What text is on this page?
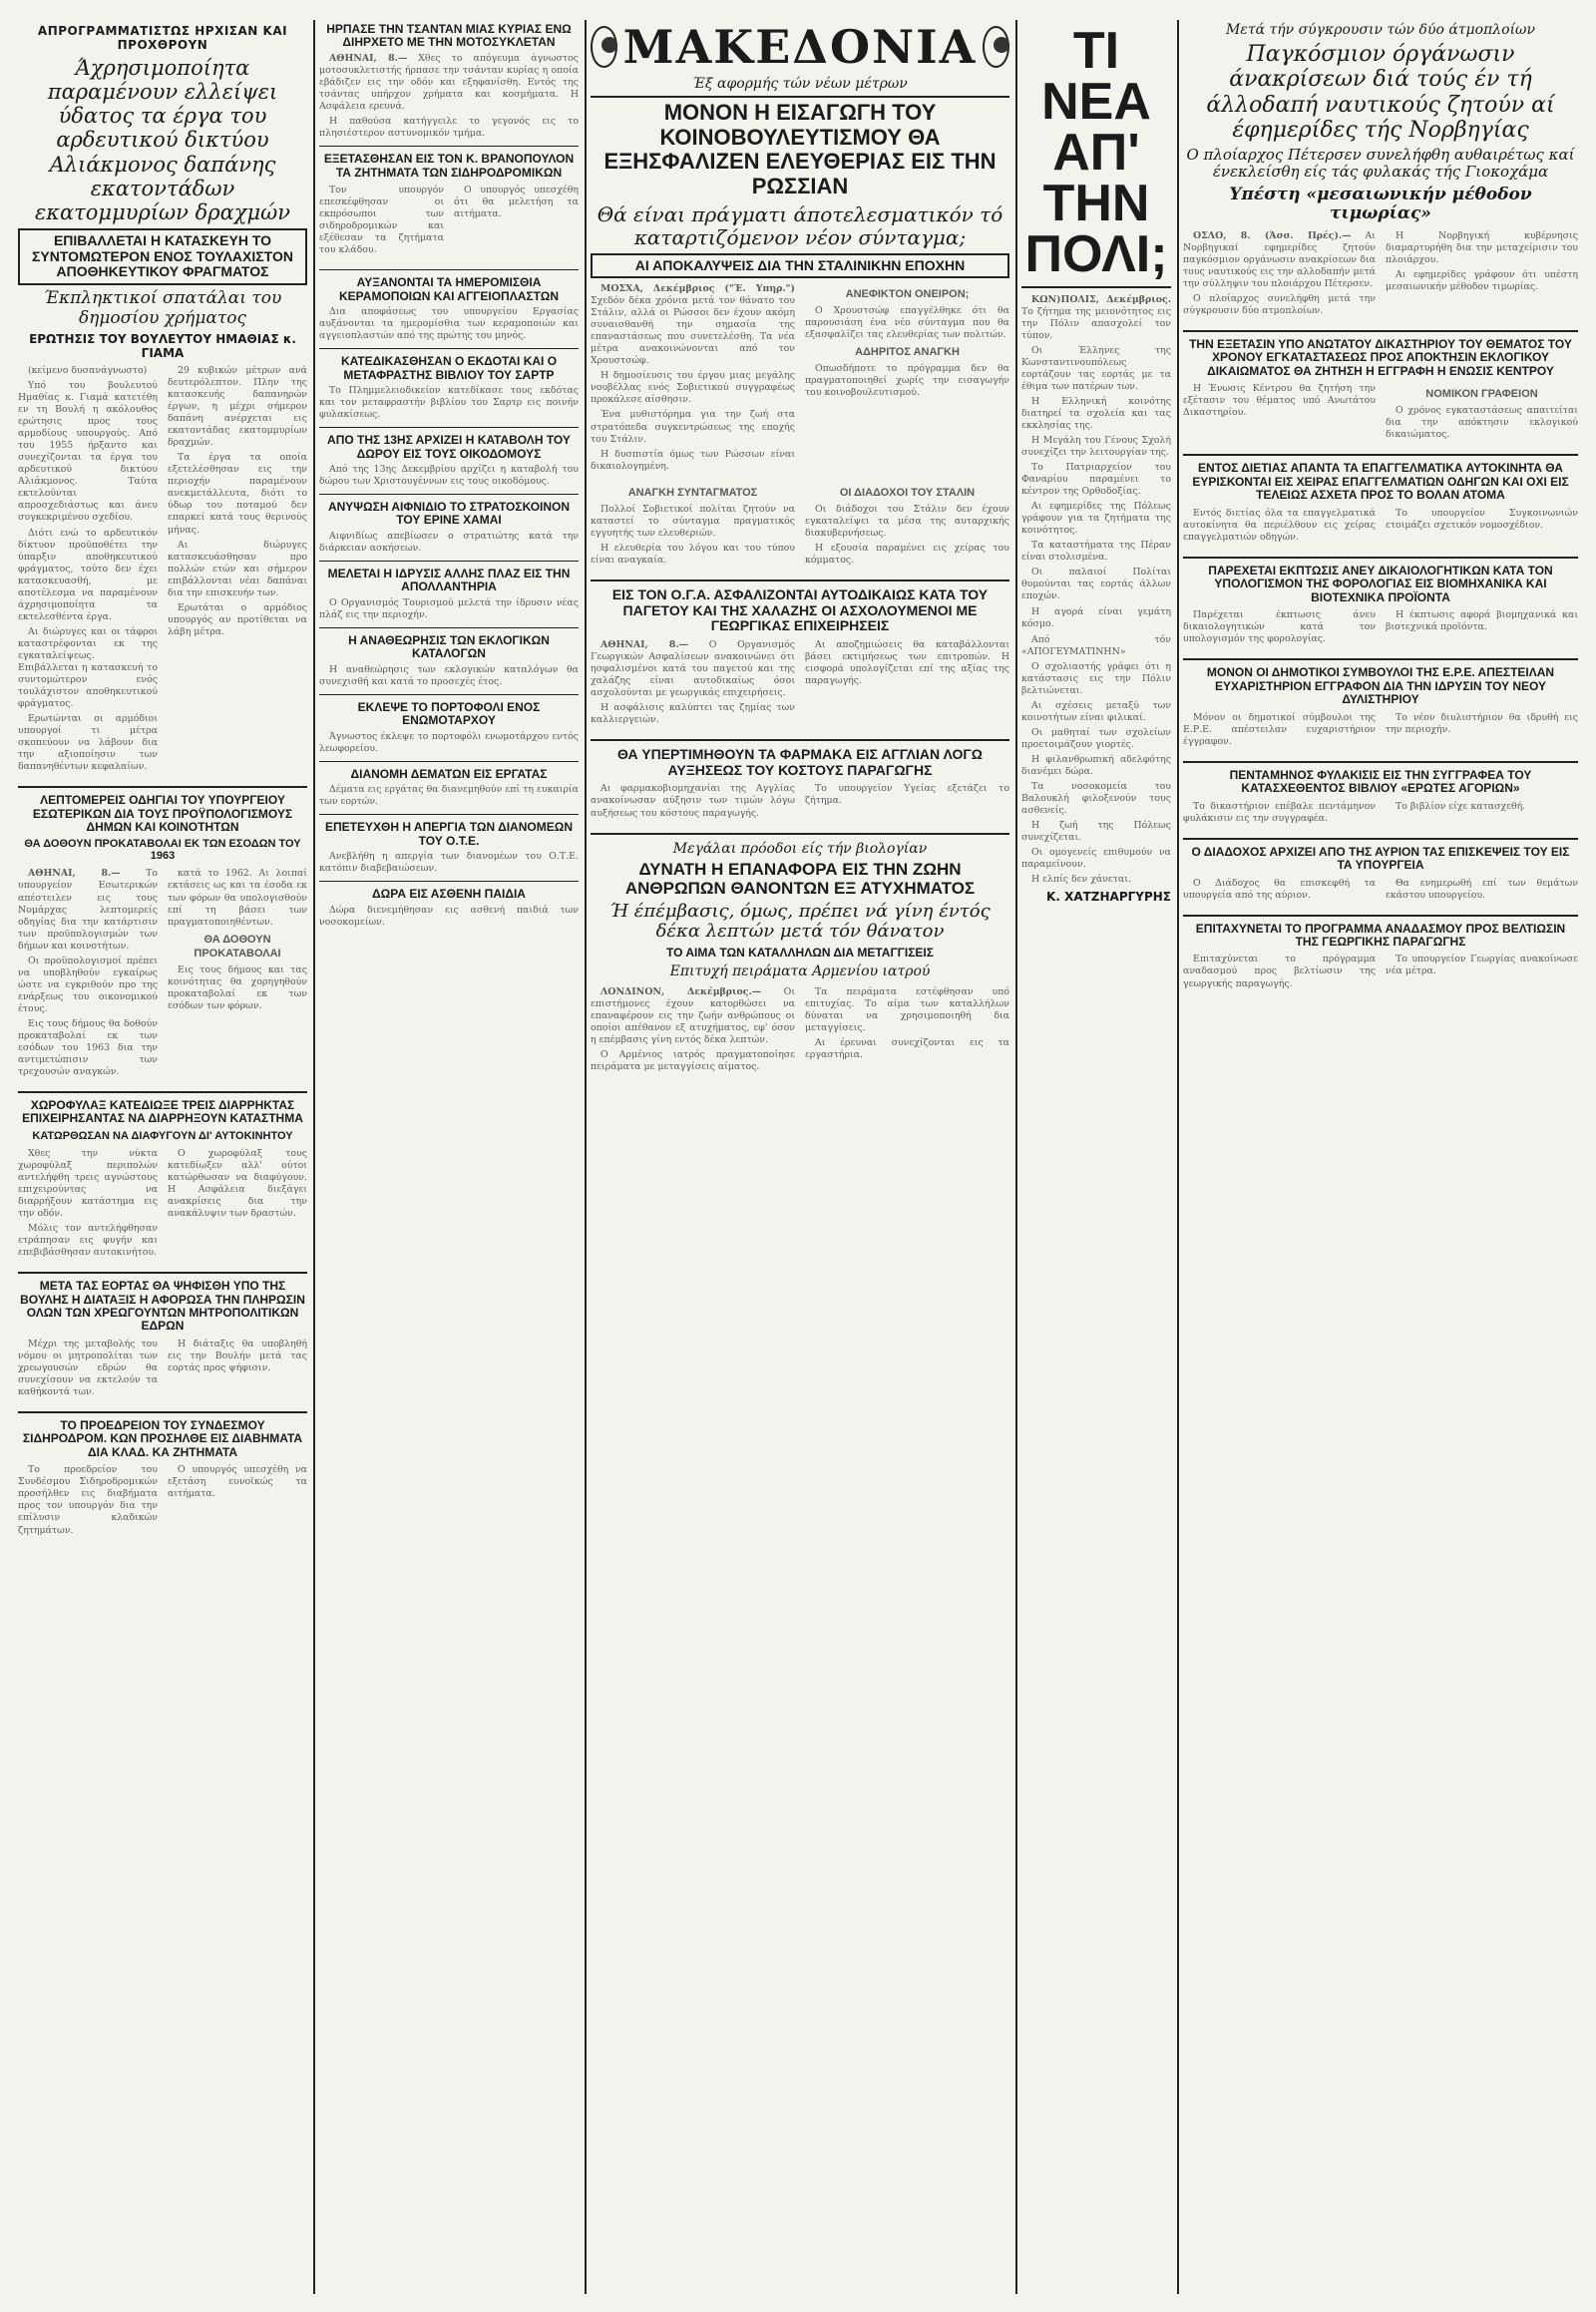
ΑΠΡΟΓΡΑΜΜΑΤΙΣΤΩΣ ΗΡΧΙΣΑΝ ΚΑΙ ΠΡΟΧΘΡΟΥΝ
Άχρησιμοποίητα παραμένουν ελλείψει ύδατος τα έργα του αρδευτικού δικτύου Αλιάκμονος δαπάνης εκατοντάδων εκατομμυρίων δραχμών
ΕΠΙΒΑΛΛΕΤΑΙ Η ΚΑΤΑΣΚΕΥΗ ΤΟ ΣΥΝΤΟΜΩΤΕΡΟΝ ΕΝΟΣ ΤΟΥΛΑΧΙΣΤΟΝ ΑΠΟΘΗΚΕΥΤΙΚΟΥ ΦΡΑΓΜΑΤΟΣ
Έκπληκτικοί σπατάλαι του δημοσίου χρήματος
ΕΡΩΤΗΣΙΣ ΤΟΥ ΒΟΥΛΕΥΤΟΥ ΗΜΑΘΙΑΣ κ. ΓΙΑΜΑ

(κείμενο δυσανάγνωστο)

Υπό του βουλευτού Ημαθίας κ. Γιαμά κατετέθη εν τη Βουλή η ακόλουθος ερώτησις προς τους αρμοδίους υπουργούς. Από του 1955 ήρξαντο και συνεχίζονται τα έργα του αρδευτικού δικτύου Αλιάκμονος. Ταύτα εκτελούνται απροσχεδιάστως και άνευ συγκεκριμένου σχεδίου.

Διότι ενώ το αρδευτικόν δίκτυον προϋποθέτει την ύπαρξιν αποθηκευτικού φράγματος, τούτο δεν έχει κατασκευασθή, με αποτέλεσμα να παραμένουν άχρησιμοποίητα τα εκτελεσθέντα έργα.

Αι διώρυγες και οι τάφροι καταστρέφονται εκ της εγκαταλείψεως. Επιβάλλεται η κατασκευή το συντομώτερον ενός τουλάχιστον αποθηκευτικού φράγματος.

Ερωτώνται οι αρμόδιοι υπουργοί τι μέτρα σκοπεύουν να λάβουν δια την αξιοποίησιν των δαπανηθέντων κεφαλαίων.

29 κυβικών μέτρων ανά δευτερόλεπτον. Πλην της κατασκευής δαπανηρών έργων, η μέχρι σήμερον δαπάνη ανέρχεται εις εκατοντάδας εκατομμυρίων δραχμών.

Τα έργα τα οποία εξετελέσθησαν εις την περιοχήν παραμένουν ανεκμετάλλευτα, διότι το ύδωρ του ποταμού δεν επαρκεί κατά τους θερινούς μήνας.

Αι διώρυγες κατασκευάσθησαν προ πολλών ετών και σήμερον επιβάλλονται νέαι δαπάναι δια την επισκευήν των.

Ερωτάται ο αρμόδιος υπουργός αν προτίθεται να λάβη μέτρα.

ΛΕΠΤΟΜΕΡΕΙΣ ΟΔΗΓΙΑΙ ΤΟΥ ΥΠΟΥΡΓΕΙΟΥ ΕΣΩΤΕΡΙΚΩΝ ΔΙΑ ΤΟΥΣ ΠΡΟΫΠΟΛΟΓΙΣΜΟΥΣ ΔΗΜΩΝ ΚΑΙ ΚΟΙΝΟΤΗΤΩΝ
ΘΑ ΔΟΘΟΥΝ ΠΡΟΚΑΤΑΒΟΛΑΙ ΕΚ ΤΩΝ ΕΣΟΔΩΝ ΤΟΥ 1963

ΑΘΗΝΑΙ, 8.— Το υπουργείον Εσωτερικών απέστειλεν εις τους Νομάρχας λεπτομερείς οδηγίας δια την κατάρτισιν των προϋπολογισμών των δήμων και κοινοτήτων.

Οι προϋπολογισμοί πρέπει να υποβληθούν εγκαίρως ώστε να εγκριθούν προ της ενάρξεως του οικονομικού έτους.

Εις τους δήμους θα δοθούν προκαταβολαί εκ των εσόδων του 1963 δια την αντιμετώπισιν των τρεχουσών αναγκών.

κατά το 1962. Αι λοιπαί εκτάσεις ως και τα έσοδα εκ των φόρων θα υπολογισθούν επί τη βάσει των πραγματοποιηθέντων.

ΘΑ ΔΟΘΟΥΝ ΠΡΟΚΑΤΑΒΟΛΑΙ

Εις τους δήμους και τας κοινότητας θα χορηγηθούν προκαταβολαί εκ των εσόδων των φόρων.

ΧΩΡΟΦΥΛΑΞ ΚΑΤΕΔΙΩΞΕ ΤΡΕΙΣ ΔΙΑΡΡΗΚΤΑΣ ΕΠΙΧΕΙΡΗΣΑΝΤΑΣ ΝΑ ΔΙΑΡΡΗΞΟΥΝ ΚΑΤΑΣΤΗΜΑ
ΚΑΤΩΡΘΩΣΑΝ ΝΑ ΔΙΑΦΥΓΟΥΝ ΔΙ' ΑΥΤΟΚΙΝΗΤΟΥ

Χθες την νύκτα χωροφύλαξ περιπολών αντελήφθη τρεις αγνώστους επιχειρούντας να διαρρήξουν κατάστημα εις την οδόν.

Μόλις τον αντελήφθησαν ετράπησαν εις φυγήν και επεβιβάσθησαν αυτοκινήτου.

Ο χωροφύλαξ τους κατεδίωξεν αλλ' ούτοι κατώρθωσαν να διαφύγουν. Η Ασφάλεια διεξάγει ανακρίσεις δια την ανακάλυψιν των δραστών.

ΜΕΤΑ ΤΑΣ ΕΟΡΤΑΣ ΘΑ ΨΗΦΙΣΘΗ ΥΠΟ ΤΗΣ ΒΟΥΛΗΣ Η ΔΙΑΤΑΞΙΣ Η ΑΦΟΡΩΣΑ ΤΗΝ ΠΛΗΡΩΣΙΝ ΟΛΩΝ ΤΩΝ ΧΡΕΩΓΟΥΝΤΩΝ ΜΗΤΡΟΠΟΛΙΤΙΚΩΝ ΕΔΡΩΝ

Μέχρι της μεταβολής του νόμου οι μητροπολίται των χρεωγουσών εδρών θα συνεχίσουν να εκτελούν τα καθήκοντά των.

Η διάταξις θα υποβληθή εις την Βουλήν μετά τας εορτάς προς ψήφισιν.

ΤΟ ΠΡΟΕΔΡΕΙΟΝ ΤΟΥ ΣΥΝΔΕΣΜΟΥ ΣΙΔΗΡΟΔΡΟΜ. ΚΩΝ ΠΡΟΣΗΛΘΕ ΕΙΣ ΔΙΑΒΗΜΑΤΑ ΔΙΑ ΚΛΑΔ. ΚΑ ΖΗΤΗΜΑΤΑ

Το προεδρείον του Συνδέσμου Σιδηροδρομικών προσήλθεν εις διαβήματα προς τον υπουργόν δια την επίλυσιν κλαδικών ζητημάτων.

Ο υπουργός υπεσχέθη να εξετάση ευνοϊκώς τα αιτήματα.

ΗΡΠΑΣΕ ΤΗΝ ΤΣΑΝΤΑΝ ΜΙΑΣ ΚΥΡΙΑΣ ΕΝΩ ΔΙΗΡΧΕΤΟ ΜΕ ΤΗΝ ΜΟΤΟΣΥΚΛΕΤΑΝ

ΑΘΗΝΑΙ, 8.— Χθες το απόγευμα άγνωστος μοτοσυκλετιστής ήρπασε την τσάνταν κυρίας η οποία εβάδιζεν εις την οδόν και εξηφανίσθη. Εντός της τσάντας υπήρχον χρήματα και κοσμήματα. Η Ασφάλεια ερευνά.

Η παθούσα κατήγγειλε το γεγονός εις το πλησιέστερον αστυνομικόν τμήμα.

ΕΞΕΤΑΣΘΗΣΑΝ ΕΙΣ ΤΟΝ Κ. ΒΡΑΝΟΠΟΥΛΟΝ ΤΑ ΖΗΤΗΜΑΤΑ ΤΩΝ ΣΙΔΗΡΟΔΡΟΜΙΚΩΝ

Τον υπουργόν επεσκέφθησαν οι εκπρόσωποι των σιδηροδρομικών και εξέθεσαν τα ζητήματα του κλάδου.

Ο υπουργός υπεσχέθη ότι θα μελετήση τα αιτήματα.

ΑΥΞΑΝΟΝΤΑΙ ΤΑ ΗΜΕΡΟΜΙΣΘΙΑ ΚΕΡΑΜΟΠΟΙΩΝ ΚΑΙ ΑΓΓΕΙΟΠΛΑΣΤΩΝ

Δια αποφάσεως του υπουργείου Εργασίας αυξάνονται τα ημερομίσθια των κεραμοποιών και αγγειοπλαστών από της πρώτης του μηνός.

ΚΑΤΕΔΙΚΑΣΘΗΣΑΝ Ο ΕΚΔΟΤΑΙ ΚΑΙ Ο ΜΕΤΑΦΡΑΣΤΗΣ ΒΙΒΛΙΟΥ ΤΟΥ ΣΑΡΤΡ

Το Πλημμελειοδικείον κατεδίκασε τους εκδότας και τον μεταφραστήν βιβλίου του Σαρτρ εις ποινήν φυλακίσεως.

ΑΠΟ ΤΗΣ 13ΗΣ ΑΡΧΙΖΕΙ Η ΚΑΤΑΒΟΛΗ ΤΟΥ ΔΩΡΟΥ ΕΙΣ ΤΟΥΣ ΟΙΚΟΔΟΜΟΥΣ

Από της 13ης Δεκεμβρίου αρχίζει η καταβολή του δώρου των Χριστουγέννων εις τους οικοδόμους.

ΑΝΥΨΩΣΗ ΑΙΦΝΙΔΙΟ ΤΟ ΣΤΡΑΤΟΣΚΟΙΝΟΝ ΤΟΥ ΕΡΙΝΕ ΧΑΜΑΙ

Αιφνιδίως απεβίωσεν ο στρατιώτης κατά την διάρκειαν ασκήσεων.

ΜΕΛΕΤΑΙ Η ΙΔΡΥΣΙΣ ΑΛΛΗΣ ΠΛΑΖ ΕΙΣ ΤΗΝ ΑΠΟΛΛΑΝΤΗΡΙΑ

Ο Οργανισμός Τουρισμού μελετά την ίδρυσιν νέας πλάζ εις την περιοχήν.

Η ΑΝΑΘΕΩΡΗΣΙΣ ΤΩΝ ΕΚΛΟΓΙΚΩΝ ΚΑΤΑΛΟΓΩΝ

Η αναθεώρησις των εκλογικών καταλόγων θα συνεχισθή και κατά το προσεχές έτος.

ΕΚΛΕΨΕ ΤΟ ΠΟΡΤΟΦΟΛΙ ΕΝΟΣ ΕΝΩΜΟΤΑΡΧΟΥ

Άγνωστος έκλεψε το πορτοφόλι ενωμοτάρχου εντός λεωφορείου.

ΔΙΑΝΟΜΗ ΔΕΜΑΤΩΝ ΕΙΣ ΕΡΓΑΤΑΣ

Δέματα εις εργάτας θα διανεμηθούν επί τη ευκαιρία των εορτών.

ΕΠΕΤΕΥΧΘΗ Η ΑΠΕΡΓΙΑ ΤΩΝ ΔΙΑΝΟΜΕΩΝ ΤΟΥ Ο.Τ.Ε.

Ανεβλήθη η απεργία των διανομέων του Ο.Τ.Ε. κατόπιν διαβεβαιώσεων.

ΔΩΡΑ ΕΙΣ ΑΣΘΕΝΗ ΠΑΙΔΙΑ

Δώρα διενεμήθησαν εις ασθενή παιδιά των νοσοκομείων.

ΜΑΚΕΔΟΝΙΑ
Έξ αφορμής τών νέων μέτρων
ΜΟΝΟΝ Η ΕΙΣΑΓΩΓΗ ΤΟΥ ΚΟΙΝΟΒΟΥΛΕΥΤΙΣΜΟΥ ΘΑ ΕΞΗΣΦΑΛΙΖΕΝ ΕΛΕΥΘΕΡΙΑΣ ΕΙΣ ΤΗΝ ΡΩΣΣΙΑΝ
Θά είναι πράγματι άποτελεσματικόν τό καταρτιζόμενον νέον σύνταγμα;
ΑΙ ΑΠΟΚΑΛΥΨΕΙΣ ΔΙΑ ΤΗΝ ΣΤΑΛΙΝΙΚΗΝ ΕΠΟΧΗΝ

ΜΟΣΧΑ, Δεκέμβριος ("Έ. Υπηρ.") Σχεδόν δέκα χρόνια μετά τον θάνατο του Στάλιν, αλλά οι Ρώσσοι δεν έχουν ακόμη συναισθανθή την σημασία της επαναστάσεως που συνετελέσθη. Τα νέα μέτρα ανακοινώνονται από τον Χρουστσώφ.

Η δημοσίευσις του έργου μιας μεγάλης νουβέλλας ενός Σοβιετικού συγγραφέως προκάλεσε αίσθησιν.

Ένα μυθιστόρημα για την ζωή στα στρατόπεδα συγκεντρώσεως της εποχής του Στάλιν.

Η δυσπιστία όμως των Ρώσσων είναι δικαιολογημένη.

ΑΝΕΦΙΚΤΟΝ ΟΝΕΙΡΟΝ;

Ο Χρουστσώφ επαγγέλθηκε ότι θα παρουσιάση ένα νέο σύνταγμα που θα εξασφαλίζει τας ελευθερίας των πολιτών.

ΑΔΗΡΙΤΟΣ ΑΝΑΓΚΗ

Οπωσδήποτε το πρόγραμμα δεν θα πραγματοποιηθεί χωρίς την εισαγωγήν του κοινοβουλευτισμού.

ΑΝΑΓΚΗ ΣΥΝΤΑΓΜΑΤΟΣ

Πολλοί Σοβιετικοί πολίται ζητούν να καταστεί το σύνταγμα πραγματικός εγγυητής των ελευθεριών.

Η ελευθερία του λόγου και του τύπου είναι αναγκαία.

ΟΙ ΔΙΑΔΟΧΟΙ ΤΟΥ ΣΤΑΛΙΝ

Οι διάδοχοι του Στάλιν δεν έχουν εγκαταλείψει τα μέσα της αυταρχικής διακυβερνήσεως.

Η εξουσία παραμένει εις χείρας του κόμματος.

ΕΙΣ ΤΟΝ Ο.Γ.Α. ΑΣΦΑΛΙΖΟΝΤΑΙ ΑΥΤΟΔΙΚΑΙΩΣ ΚΑΤΑ ΤΟΥ ΠΑΓΕΤΟΥ ΚΑΙ ΤΗΣ ΧΑΛΑΖΗΣ ΟΙ ΑΣΧΟΛΟΥΜΕΝΟΙ ΜΕ ΓΕΩΡΓΙΚΑΣ ΕΠΙΧΕΙΡΗΣΕΙΣ

ΑΘΗΝΑΙ, 8.— Ο Οργανισμός Γεωργικών Ασφαλίσεων ανακοινώνει ότι ησφαλισμένοι κατά του παγετού και της χαλάζης είναι αυτοδικαίως όσοι ασχολούνται με γεωργικάς επιχειρήσεις.

Η ασφάλισις καλύπτει τας ζημίας των καλλιεργειών.

Αι αποζημιώσεις θα καταβάλλονται βάσει εκτιμήσεως των επιτροπών. Η εισφορά υπολογίζεται επί της αξίας της παραγωγής.

ΘΑ ΥΠΕΡΤΙΜΗΘΟΥΝ ΤΑ ΦΑΡΜΑΚΑ ΕΙΣ ΑΓΓΛΙΑΝ ΛΟΓΩ ΑΥΞΗΣΕΩΣ ΤΟΥ ΚΟΣΤΟΥΣ ΠΑΡΑΓΩΓΗΣ

Αι φαρμακοβιομηχανίαι της Αγγλίας ανακοίνωσαν αύξησιν των τιμών λόγω αυξήσεως του κόστους παραγωγής.

Το υπουργείον Υγείας εξετάζει το ζήτημα.

Μεγάλαι πρόοδοι είς τήν βιολογίαν
ΔΥΝΑΤΗ Η ΕΠΑΝΑΦΟΡΑ ΕΙΣ ΤΗΝ ΖΩΗΝ ΑΝΘΡΩΠΩΝ ΘΑΝΟΝΤΩΝ ΕΞ ΑΤΥΧΗΜΑΤΟΣ
Ή έπέμβασις, όμως, πρέπει νά γίνη έντός δέκα λεπτών μετά τόν θάνατον
ΤΟ ΑΙΜΑ ΤΩΝ ΚΑΤΑΛΛΗΛΩΝ ΔΙΑ ΜΕΤΑΓΓΙΣΕΙΣ
Επιτυχή πειράματα Αρμενίου ιατρού

ΛΟΝΔΙΝΟΝ, Δεκέμβριος.— Οι επιστήμονες έχουν κατορθώσει να επαναφέρουν εις την ζωήν ανθρώπους οι οποίοι απέθανον εξ ατυχήματος, εφ' όσον η επέμβασις γίνη εντός δέκα λεπτών.

Ο Αρμένιος ιατρός πραγματοποίησε πειράματα με μεταγγίσεις αίματος.

Τα πειράματα εστέφθησαν υπό επιτυχίας. Το αίμα των καταλλήλων δύναται να χρησιμοποιηθή δια μεταγγίσεις.

Αι έρευναι συνεχίζονται εις τα εργαστήρια.

ΤΙ ΝΕΑ ΑΠ' ΤΗΝ ΠΟΛΙ;

ΚΩΝ)ΠΟΛΙΣ, Δεκέμβριος. Το ζήτημα της μειονότητος εις την Πόλιν απασχολεί τον τύπον.

Οι Έλληνες της Κωνσταντινουπόλεως εορτάζουν τας εορτάς με τα έθιμα των πατέρων των.

Η Ελληνική κοινότης διατηρεί τα σχολεία και τας εκκλησίας της.

Η Μεγάλη του Γένους Σχολή συνεχίζει την λειτουργίαν της.

Το Πατριαρχείον του Φαναρίου παραμένει το κέντρον της Ορθοδοξίας.

Αι εφημερίδες της Πόλεως γράφουν για τα ζητήματα της κοινότητος.

Τα καταστήματα της Πέραν είναι στολισμένα.

Οι παλαιοί Πολίται θυμούνται τας εορτάς άλλων εποχών.

Η αγορά είναι γεμάτη κόσμο.

Από τόν «ΑΠΟΓΕΥΜΑΤΙΝΗΝ»

Ο σχολιαστής γράφει ότι η κατάστασις εις την Πόλιν βελτιώνεται.

Αι σχέσεις μεταξύ των κοινοτήτων είναι φιλικαί.

Οι μαθηταί των σχολείων προετοιμάζουν γιορτές.

Η φιλανθρωπική αδελφότης διανέμει δώρα.

Τα νοσοκομεία του Βαλουκλή φιλοξενούν τους ασθενείς.

Η ζωή της Πόλεως συνεχίζεται.

Οι ομογενείς επιθυμούν να παραμείνουν.

Η ελπίς δεν χάνεται.

Κ. ΧΑΤΖΗΑΡΓΥΡΗΣ
Μετά τήν σύγκρουσιν τών δύο άτμοπλοίων
Παγκόσμιον όργάνωσιν άνακρίσεων διά τούς έν τή άλλοδαπή ναυτικούς ζητούν αί έφημερίδες τής Νορβηγίας
Ο πλοίαρχος Πέτερσεν συνελήφθη αυθαιρέτως καί ένεκλείσθη είς τάς φυλακάς τής Γιοκοχάμα
Υπέστη «μεσαιωνικήν μέθοδον τιμωρίας»

ΟΣΛΟ, 8. (Άσσ. Πρές).— Αι Νορβηγικαί εφημερίδες ζητούν παγκόσμιον οργάνωσιν ανακρίσεων δια τους ναυτικούς εις την αλλοδαπήν μετά την σύλληψιν του πλοιάρχου Πέτερσεν.

Ο πλοίαρχος συνελήφθη μετά την σύγκρουσιν δύο ατμοπλοίων.

Η Νορβηγική κυβέρνησις διαμαρτυρήθη δια την μεταχείρισιν του πλοιάρχου.

Αι εφημερίδες γράφουν ότι υπέστη μεσαιωνικήν μέθοδον τιμωρίας.

ΤΗΝ ΕΞΕΤΑΣΙΝ ΥΠΟ ΑΝΩΤΑΤΟΥ ΔΙΚΑΣΤΗΡΙΟΥ ΤΟΥ ΘΕΜΑΤΟΣ ΤΟΥ ΧΡΟΝΟΥ ΕΓΚΑΤΑΣΤΑΣΕΩΣ ΠΡΟΣ ΑΠΟΚΤΗΣΙΝ ΕΚΛΟΓΙΚΟΥ ΔΙΚΑΙΩΜΑΤΟΣ ΘΑ ΖΗΤΗΣΗ Η ΕΓΓΡΑΦΗ Η ΕΝΩΣΙΣ ΚΕΝΤΡΟΥ

Η Ένωσις Κέντρου θα ζητήση την εξέτασιν του θέματος υπό Ανωτάτου Δικαστηρίου.

ΝΟΜΙΚΟΝ ΓΡΑΦΕΙΟΝ

Ο χρόνος εγκαταστάσεως απαιτείται δια την απόκτησιν εκλογικού δικαιώματος.

ΕΝΤΟΣ ΔΙΕΤΙΑΣ ΑΠΑΝΤΑ ΤΑ ΕΠΑΓΓΕΛΜΑΤΙΚΑ ΑΥΤΟΚΙΝΗΤΑ ΘΑ ΕΥΡΙΣΚΟΝΤΑΙ ΕΙΣ ΧΕΙΡΑΣ ΕΠΑΓΓΕΛΜΑΤΙΩΝ ΟΔΗΓΩΝ ΚΑΙ ΟΧΙ ΕΙΣ ΤΕΛΕΙΩΣ ΑΣΧΕΤΑ ΠΡΟΣ ΤΟ ΒΟΛΑΝ ΑΤΟΜΑ

Εντός διετίας όλα τα επαγγελματικά αυτοκίνητα θα περιέλθουν εις χείρας επαγγελματιών οδηγών.

Το υπουργείον Συγκοινωνιών ετοιμάζει σχετικόν νομοσχέδιον.

ΠΑΡΕΧΕΤΑΙ ΕΚΠΤΩΣΙΣ ΑΝΕΥ ΔΙΚΑΙΟΛΟΓΗΤΙΚΩΝ ΚΑΤΑ ΤΟΝ ΥΠΟΛΟΓΙΣΜΟΝ ΤΗΣ ΦΟΡΟΛΟΓΙΑΣ ΕΙΣ ΒΙΟΜΗΧΑΝΙΚΑ ΚΑΙ ΒΙΟΤΕΧΝΙΚΑ ΠΡΟΪΟΝΤΑ

Παρέχεται έκπτωσις άνευ δικαιολογητικών κατά τον υπολογισμόν της φορολογίας.

Η έκπτωσις αφορά βιομηχανικά και βιοτεχνικά προϊόντα.

ΜΟΝΟΝ ΟΙ ΔΗΜΟΤΙΚΟΙ ΣΥΜΒΟΥΛΟΙ ΤΗΣ Ε.Ρ.Ε. ΑΠΕΣΤΕΙΛΑΝ ΕΥΧΑΡΙΣΤΗΡΙΟΝ ΕΓΓΡΑΦΟΝ ΔΙΑ ΤΗΝ ΙΔΡΥΣΙΝ ΤΟΥ ΝΕΟΥ ΔΥΛΙΣΤΗΡΙΟΥ

Μόνον οι δημοτικοί σύμβουλοι της Ε.Ρ.Ε. απέστειλαν ευχαριστήριον έγγραφον.

Το νέον διυλιστήριον θα ιδρυθή εις την περιοχήν.

ΠΕΝΤΑΜΗΝΟΣ ΦΥΛΑΚΙΣΙΣ ΕΙΣ ΤΗΝ ΣΥΓΓΡΑΦΕΑ ΤΟΥ ΚΑΤΑΣΧΕΘΕΝΤΟΣ ΒΙΒΛΙΟΥ «ΕΡΩΤΕΣ ΑΓΟΡΙΩΝ»

Το δικαστήριον επέβαλε πεντάμηνον φυλάκισιν εις την συγγραφέα.

Το βιβλίον είχε κατασχεθή.

Ο ΔΙΑΔΟΧΟΣ ΑΡΧΙΖΕΙ ΑΠΟ ΤΗΣ ΑΥΡΙΟΝ ΤΑΣ ΕΠΙΣΚΕΨΕΙΣ ΤΟΥ ΕΙΣ ΤΑ ΥΠΟΥΡΓΕΙΑ

Ο Διάδοχος θα επισκεφθή τα υπουργεία από της αύριον.

Θα ενημερωθή επί των θεμάτων εκάστου υπουργείου.

ΕΠΙΤΑΧΥΝΕΤΑΙ ΤΟ ΠΡΟΓΡΑΜΜΑ ΑΝΑΔΑΣΜΟΥ ΠΡΟΣ ΒΕΛΤΙΩΣΙΝ ΤΗΣ ΓΕΩΡΓΙΚΗΣ ΠΑΡΑΓΩΓΗΣ

Επιταχύνεται το πρόγραμμα αναδασμού προς βελτίωσιν της γεωργικής παραγωγής.

Το υπουργείον Γεωργίας ανακοίνωσε νέα μέτρα.
